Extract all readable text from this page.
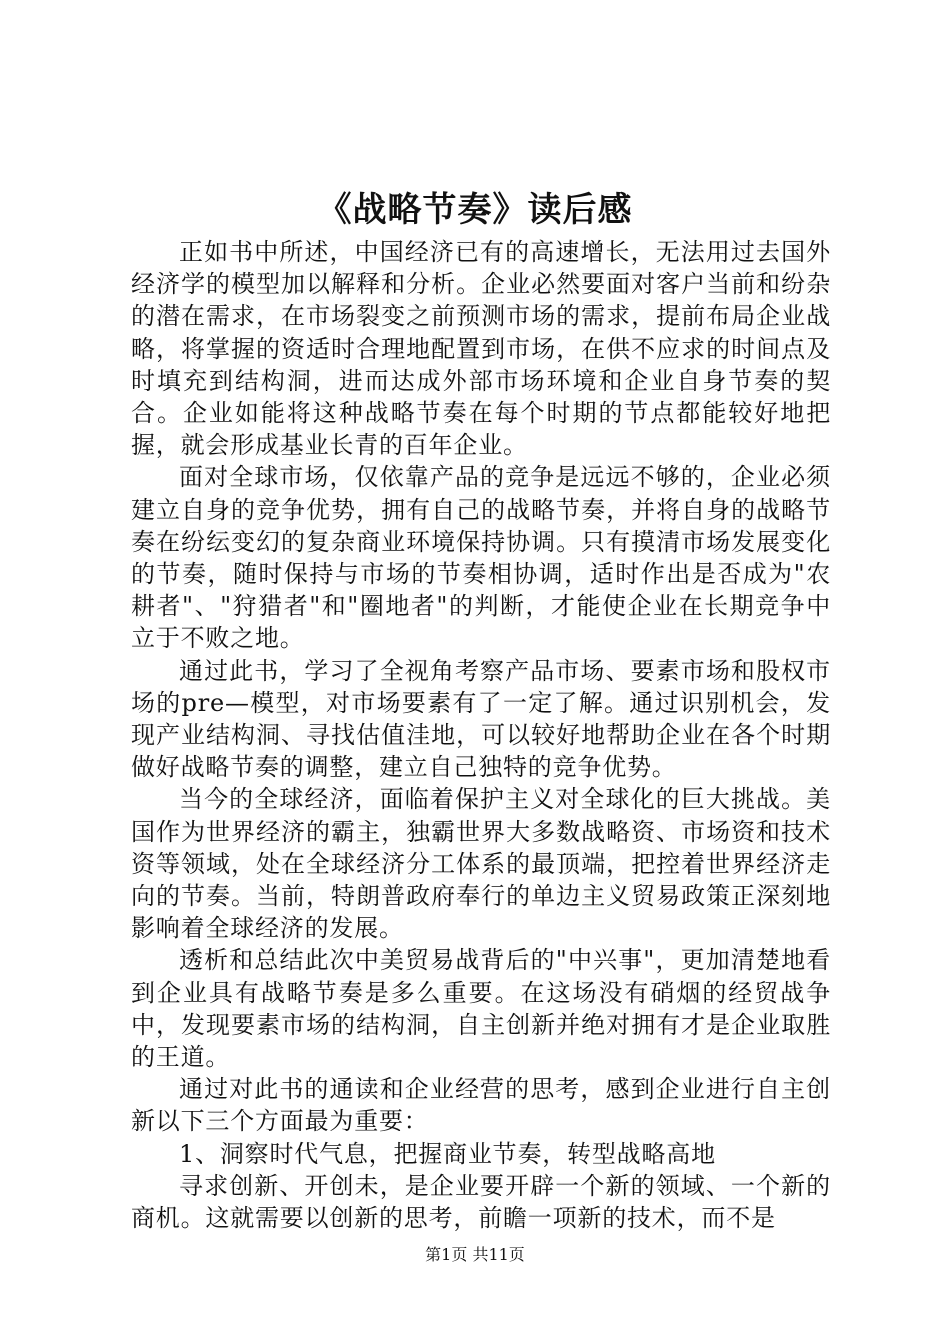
《战略节奏》读后感

正如书中所述，中国经济已有的高速增长，无法用过去国外经济学的模型加以解释和分析。企业必然要面对客户当前和纷杂的潜在需求，在市场裂变之前预测市场的需求，提前布局企业战略，将掌握的资适时合理地配置到市场，在供不应求的时间点及时填充到结构洞，进而达成外部市场环境和企业自身节奏的契合。企业如能将这种战略节奏在每个时期的节点都能较好地把握，就会形成基业长青的百年企业。

面对全球市场，仅依靠产品的竞争是远远不够的，企业必须建立自身的竞争优势，拥有自己的战略节奏，并将自身的战略节奏在纷纭变幻的复杂商业环境保持协调。只有摸清市场发展变化的节奏，随时保持与市场的节奏相协调，适时作出是否成为"农耕者"、"狩猎者"和"圈地者"的判断，才能使企业在长期竞争中立于不败之地。

通过此书，学习了全视角考察产品市场、要素市场和股权市场的pre—模型，对市场要素有了一定了解。通过识别机会，发现产业结构洞、寻找估值洼地，可以较好地帮助企业在各个时期做好战略节奏的调整，建立自己独特的竞争优势。

当今的全球经济，面临着保护主义对全球化的巨大挑战。美国作为世界经济的霸主，独霸世界大多数战略资、市场资和技术资等领域，处在全球经济分工体系的最顶端，把控着世界经济走向的节奏。当前，特朗普政府奉行的单边主义贸易政策正深刻地影响着全球经济的发展。

透析和总结此次中美贸易战背后的"中兴事"，更加清楚地看到企业具有战略节奏是多么重要。在这场没有硝烟的经贸战争中，发现要素市场的结构洞，自主创新并绝对拥有才是企业取胜的王道。

通过对此书的通读和企业经营的思考，感到企业进行自主创新以下三个方面最为重要：

1、洞察时代气息，把握商业节奏，转型战略高地

寻求创新、开创未，是企业要开辟一个新的领域、一个新的商机。这就需要以创新的思考，前瞻一项新的技术，而不是

第1页 共11页
